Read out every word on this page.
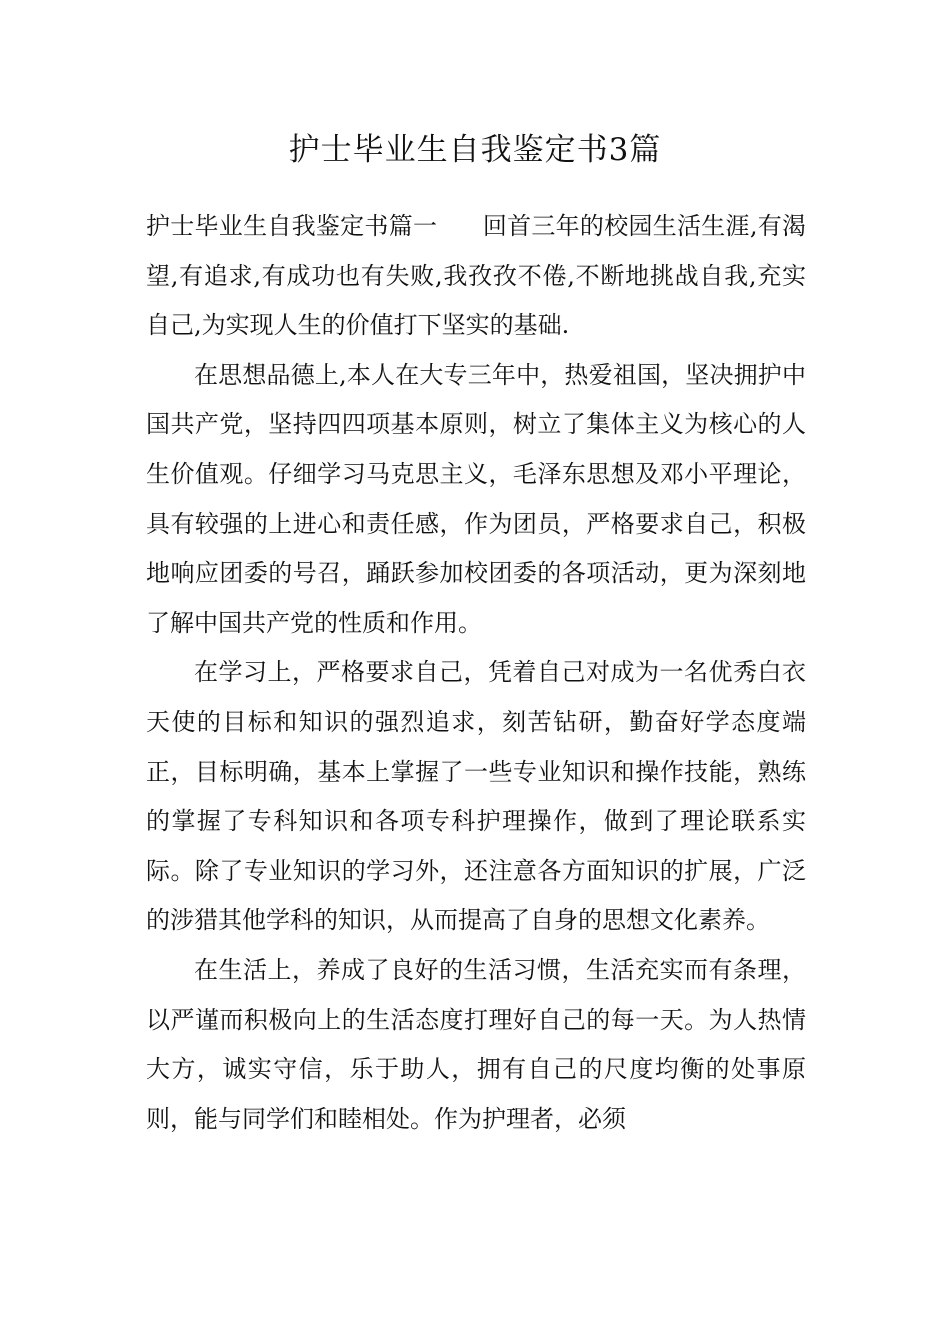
护士毕业生自我鉴定书3篇

护士毕业生自我鉴定书篇一 回首三年的校园生活生涯,有渴望,有追求,有成功也有失败,我孜孜不倦,不断地挑战自我,充实自己,为实现人生的价值打下坚实的基础.

在思想品德上,本人在大专三年中，热爱祖国，坚决拥护中国共产党，坚持四四项基本原则，树立了集体主义为核心的人生价值观。仔细学习马克思主义，毛泽东思想及邓小平理论，具有较强的上进心和责任感，作为团员，严格要求自己，积极地响应团委的号召，踊跃参加校团委的各项活动，更为深刻地了解中国共产党的性质和作用。

在学习上，严格要求自己，凭着自己对成为一名优秀白衣天使的目标和知识的强烈追求，刻苦钻研，勤奋好学态度端正，目标明确，基本上掌握了一些专业知识和操作技能，熟练的掌握了专科知识和各项专科护理操作，做到了理论联系实际。除了专业知识的学习外，还注意各方面知识的扩展，广泛的涉猎其他学科的知识，从而提高了自身的思想文化素养。

在生活上，养成了良好的生活习惯，生活充实而有条理，以严谨而积极向上的生活态度打理好自己的每一天。为人热情大方，诚实守信，乐于助人，拥有自己的尺度均衡的处事原则，能与同学们和睦相处。作为护理者，必须
